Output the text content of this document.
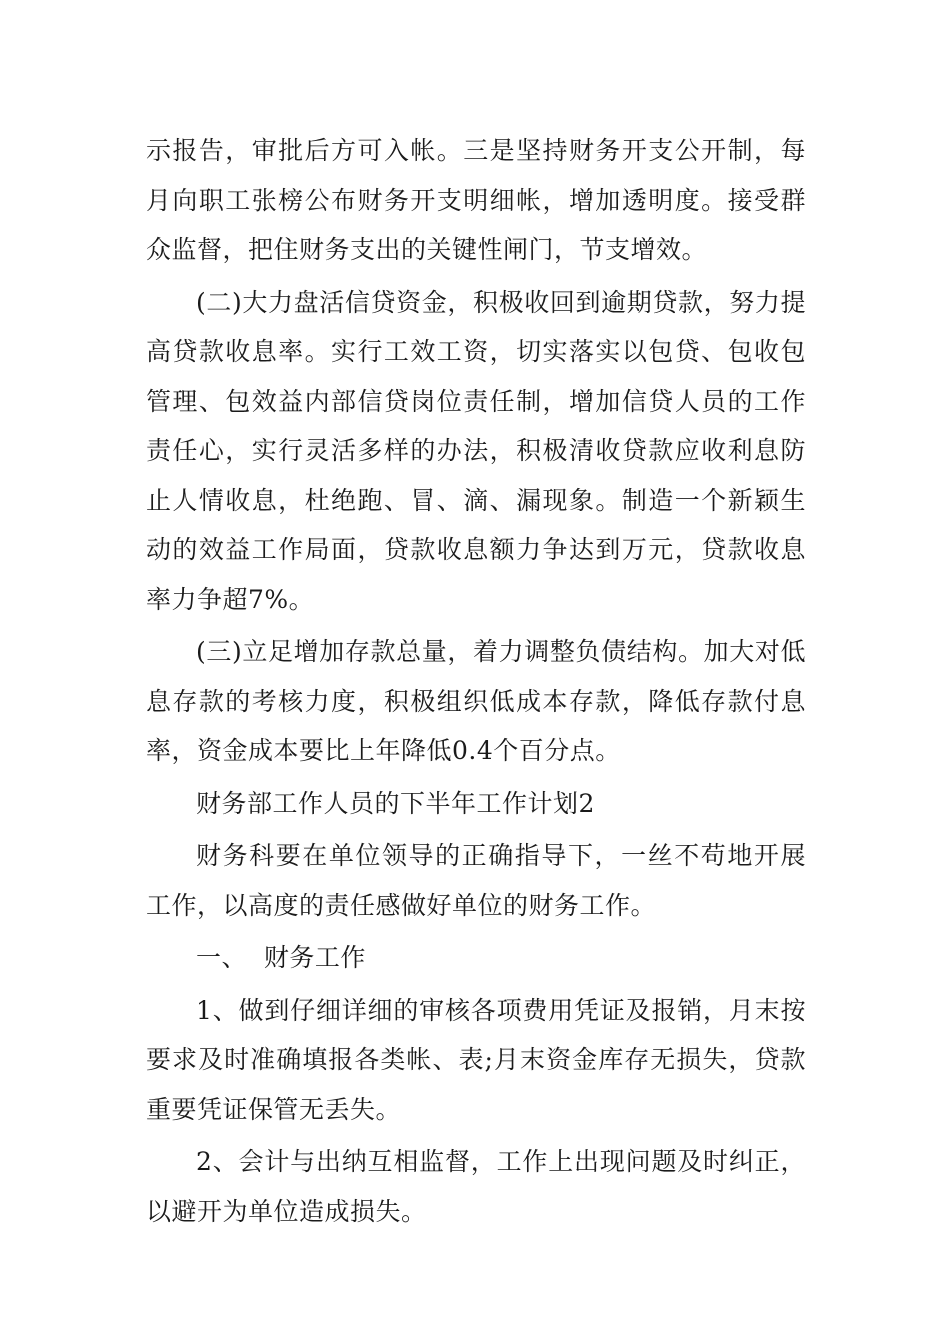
示报告，审批后方可入帐。三是坚持财务开支公开制，每月向职工张榜公布财务开支明细帐，增加透明度。接受群众监督，把住财务支出的关键性闸门，节支增效。

(二)大力盘活信贷资金，积极收回到逾期贷款，努力提高贷款收息率。实行工效工资，切实落实以包贷、包收包管理、包效益内部信贷岗位责任制，增加信贷人员的工作责任心，实行灵活多样的办法，积极清收贷款应收利息防止人情收息，杜绝跑、冒、滴、漏现象。制造一个新颖生动的效益工作局面，贷款收息额力争达到万元，贷款收息率力争超7%。

(三)立足增加存款总量，着力调整负债结构。加大对低息存款的考核力度，积极组织低成本存款，降低存款付息率，资金成本要比上年降低0.4个百分点。

财务部工作人员的下半年工作计划2

财务科要在单位领导的正确指导下，一丝不苟地开展工作，以高度的责任感做好单位的财务工作。

一、  财务工作

1、做到仔细详细的审核各项费用凭证及报销，月末按要求及时准确填报各类帐、表;月末资金库存无损失，贷款重要凭证保管无丢失。

2、会计与出纳互相监督，工作上出现问题及时纠正，以避开为单位造成损失。
